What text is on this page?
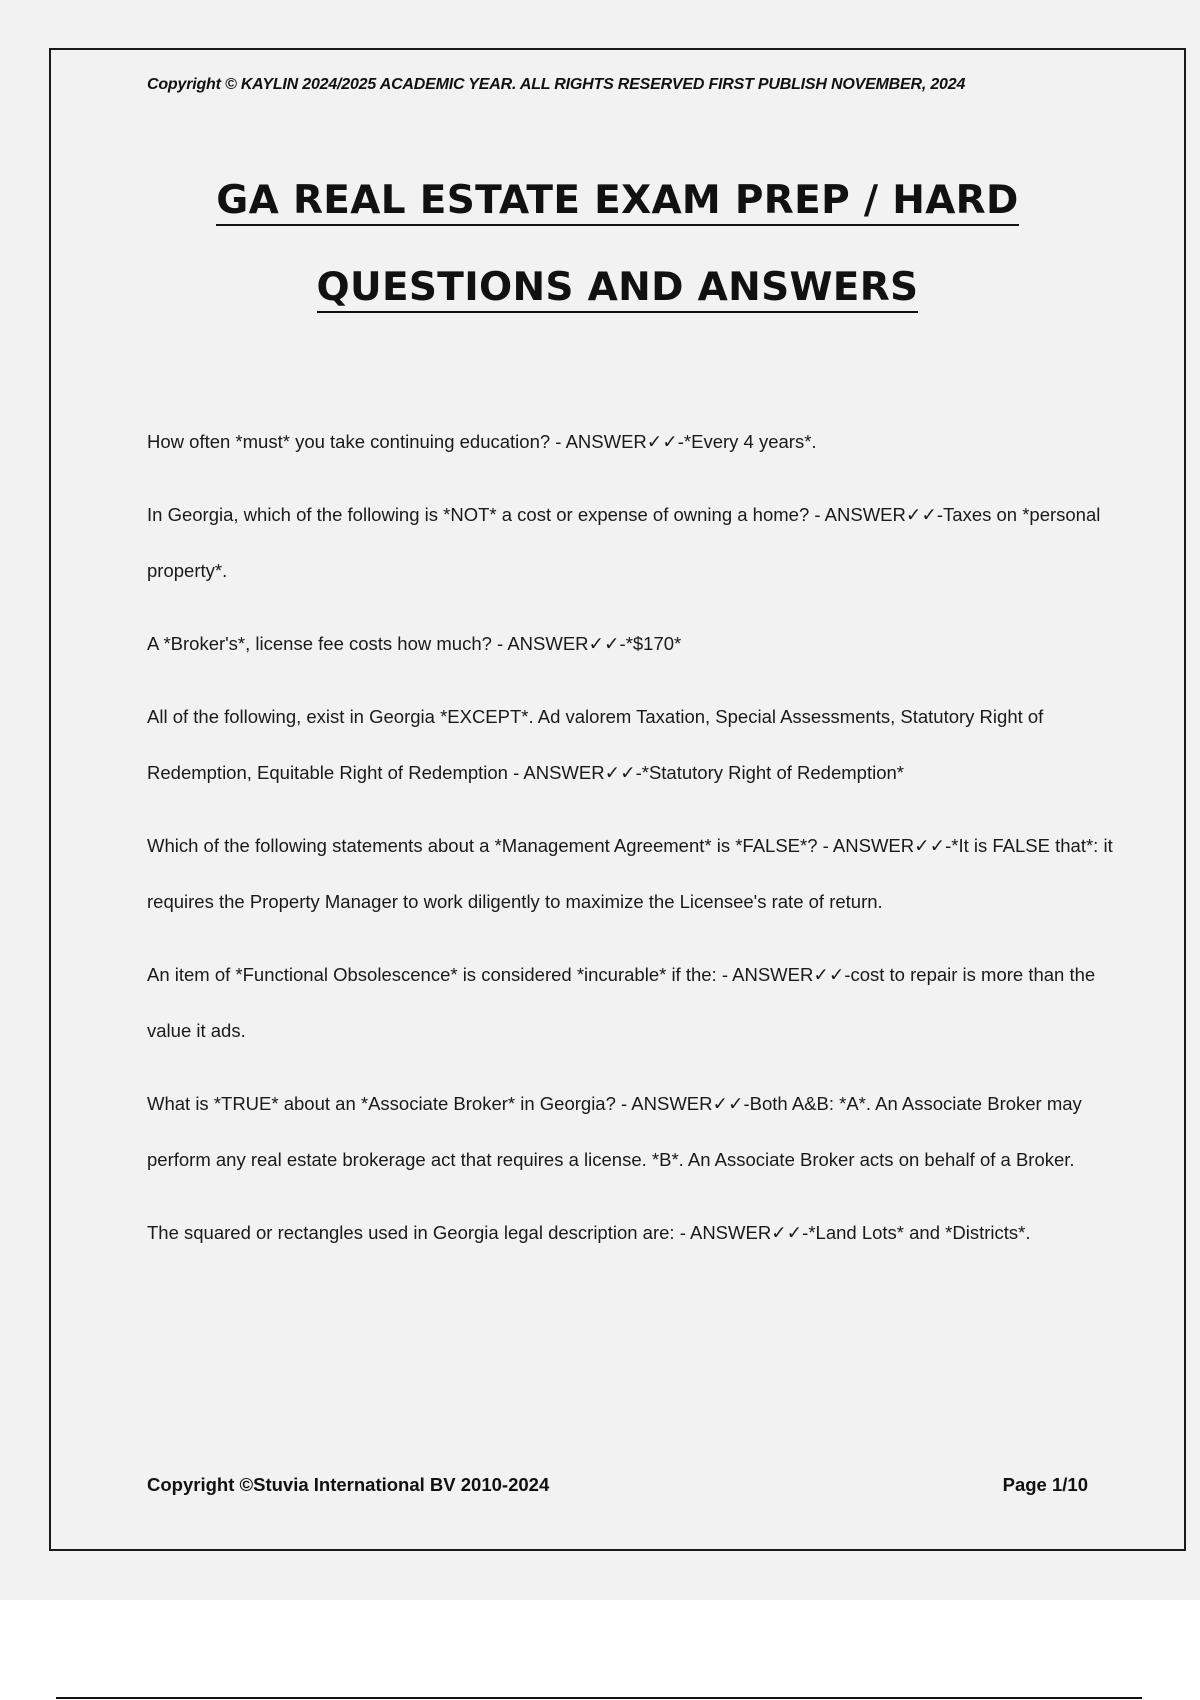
Copyright © KAYLIN 2024/2025 ACADEMIC YEAR. ALL RIGHTS RESERVED FIRST PUBLISH NOVEMBER, 2024
GA REAL ESTATE EXAM PREP / HARD
QUESTIONS AND ANSWERS

How often *must* you take continuing education? - ANSWER✓✓-*Every 4 years*.

In Georgia, which of the following is *NOT* a cost or expense of owning a home? - ANSWER✓✓-Taxes on *personal property*.

A *Broker's*, license fee costs how much? - ANSWER✓✓-*$170*

All of the following, exist in Georgia *EXCEPT*. Ad valorem Taxation, Special Assessments, Statutory Right of Redemption, Equitable Right of Redemption - ANSWER✓✓-*Statutory Right of Redemption*

Which of the following statements about a *Management Agreement* is *FALSE*? - ANSWER✓✓-*It is FALSE that*: it requires the Property Manager to work diligently to maximize the Licensee's rate of return.

An item of *Functional Obsolescence* is considered *incurable* if the: - ANSWER✓✓-cost to repair is more than the value it ads.

What is *TRUE* about an *Associate Broker* in Georgia? - ANSWER✓✓-Both A&B: *A*. An Associate Broker may perform any real estate brokerage act that requires a license. *B*. An Associate Broker acts on behalf of a Broker.

The squared or rectangles used in Georgia legal description are: - ANSWER✓✓-*Land Lots* and *Districts*.

Copyright ©Stuvia International BV 2010-2024	Page 1/10
